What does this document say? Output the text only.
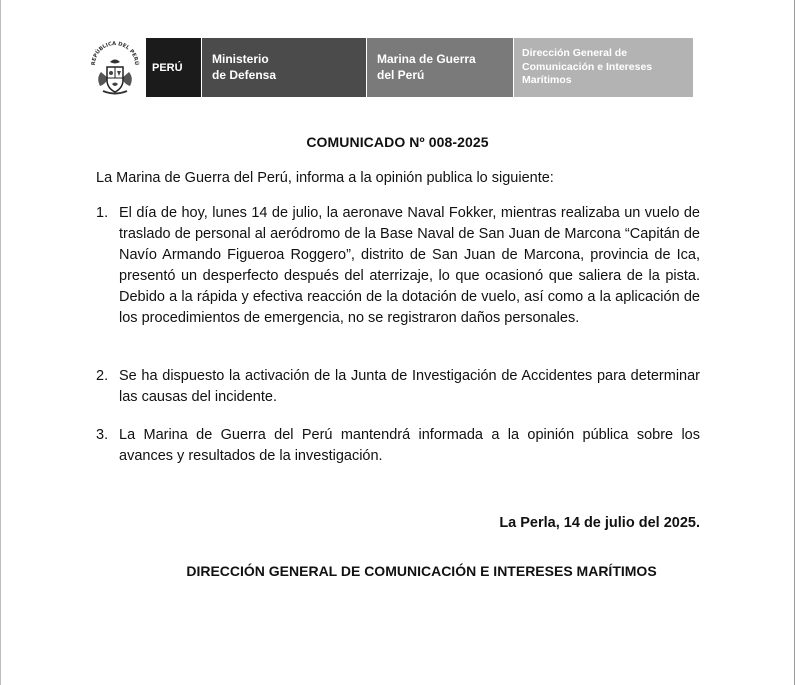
REPÚBLICA DEL PERÚ PERÚ
Ministerio
de Defensa
Marina de Guerra
del Perú
Dirección General de
Comunicación e Intereses
Marítimos
COMUNICADO Nº 008-2025
La Marina de Guerra del Perú, informa a la opinión publica lo siguiente:
1. El día de hoy, lunes 14 de julio, la aeronave Naval Fokker, mientras realizaba un vuelo de traslado de personal al aeródromo de la Base Naval de San Juan de Marcona “Capitán de Navío Armando Figueroa Roggero”, distrito de San Juan de Marcona, provincia de Ica, presentó un desperfecto después del aterrizaje, lo que ocasionó que saliera de la pista. Debido a la rápida y efectiva reacción de la dotación de vuelo, así como a la aplicación de los procedimientos de emergencia, no se registraron daños personales.
2. Se ha dispuesto la activación de la Junta de Investigación de Accidentes para determinar las causas del incidente.
3. La Marina de Guerra del Perú mantendrá informada a la opinión pública sobre los avances y resultados de la investigación.
La Perla, 14 de julio del 2025.
DIRECCIÓN GENERAL DE COMUNICACIÓN E INTERESES MARÍTIMOS
